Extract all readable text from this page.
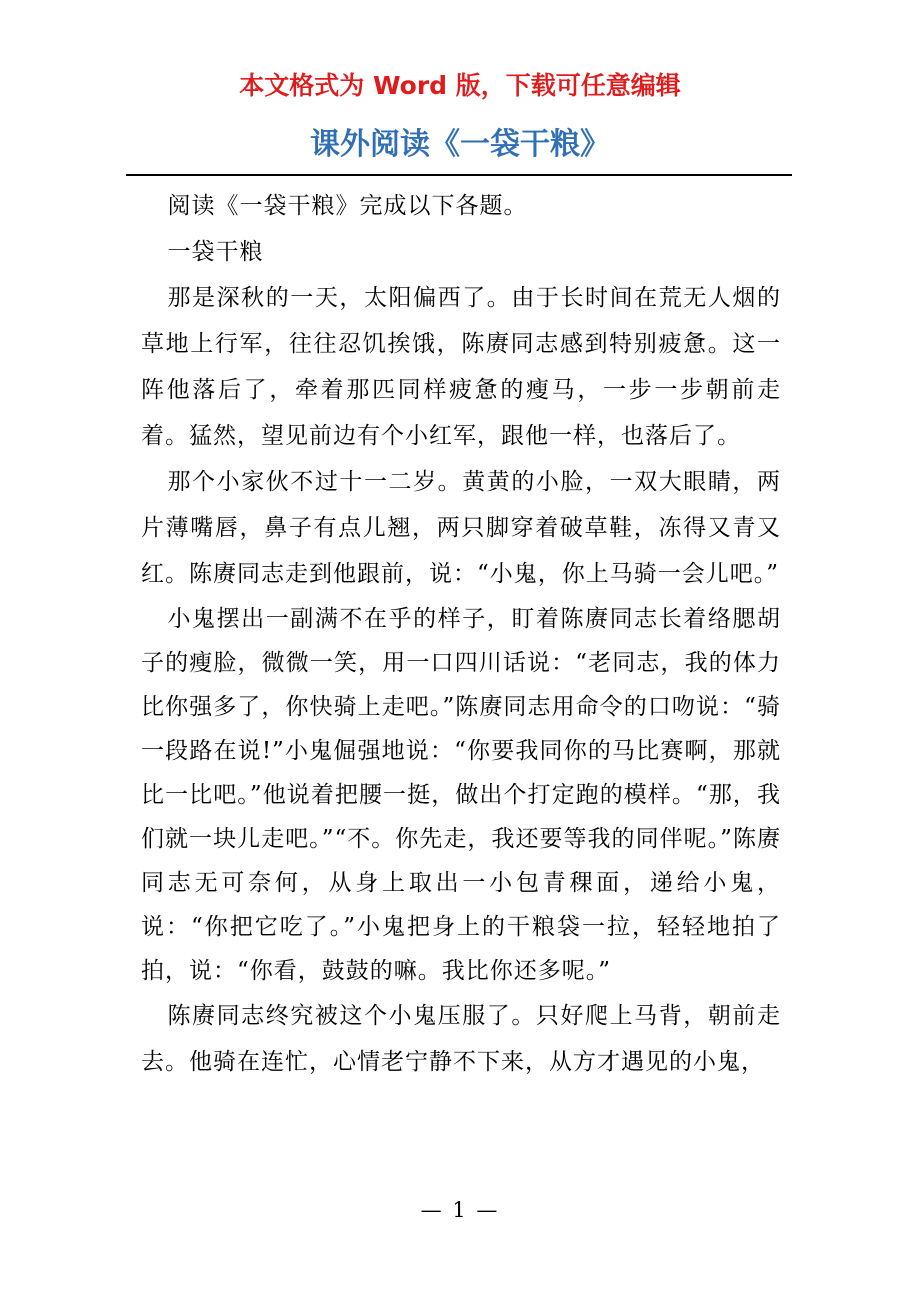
本文格式为 Word 版，下载可任意编辑
课外阅读《一袋干粮》

阅读《一袋干粮》完成以下各题。

一袋干粮

那是深秋的一天，太阳偏西了。由于长时间在荒无人烟的草地上行军，往往忍饥挨饿，陈赓同志感到特别疲惫。这一阵他落后了，牵着那匹同样疲惫的瘦马，一步一步朝前走着。猛然，望见前边有个小红军，跟他一样，也落后了。

那个小家伙不过十一二岁。黄黄的小脸，一双大眼睛，两片薄嘴唇，鼻子有点儿翘，两只脚穿着破草鞋，冻得又青又红。陈赓同志走到他跟前，说：“小鬼，你上马骑一会儿吧。”

小鬼摆出一副满不在乎的样子，盯着陈赓同志长着络腮胡子的瘦脸，微微一笑，用一口四川话说：“老同志，我的体力比你强多了，你快骑上走吧。”陈赓同志用命令的口吻说：“骑一段路在说!”小鬼倔强地说：“你要我同你的马比赛啊，那就比一比吧。”他说着把腰一挺，做出个打定跑的模样。“那，我们就一块儿走吧。”“不。你先走，我还要等我的同伴呢。”陈赓同志无可奈何，从身上取出一小包青稞面，递给小鬼，说：“你把它吃了。”小鬼把身上的干粮袋一拉，轻轻地拍了拍，说：“你看，鼓鼓的嘛。我比你还多呢。”

陈赓同志终究被这个小鬼压服了。只好爬上马背，朝前走去。他骑在连忙，心情老宁静不下来，从方才遇见的小鬼，

— 1 —
